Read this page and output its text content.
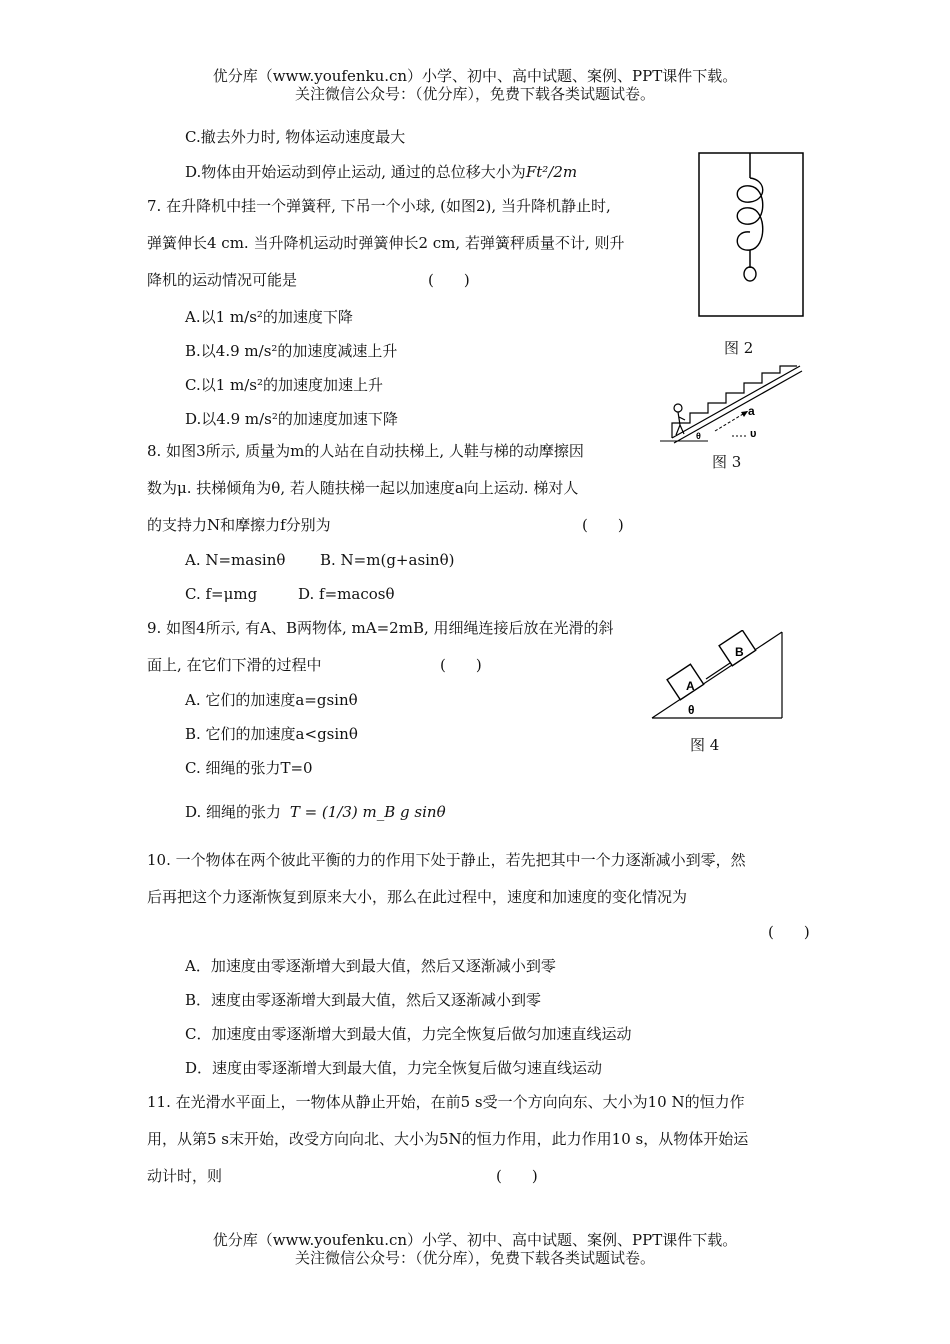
优分库（www.youfenku.cn）小学、初中、高中试题、案例、PPT课件下载。
关注微信公众号：（优分库），免费下载各类试题试卷。
C.撤去外力时, 物体运动速度最大
D.物体由开始运动到停止运动, 通过的总位移大小为Ft²/2m
7. 在升降机中挂一个弹簧秤, 下吊一个小球, (如图2), 当升降机静止时,
弹簧伸长4 cm. 当升降机运动时弹簧伸长2 cm, 若弹簧秤质量不计, 则升
降机的运动情况可能是	(　　)
A.以1 m/s²的加速度下降
B.以4.9 m/s²的加速度减速上升
C.以1 m/s²的加速度加速上升
D.以4.9 m/s²的加速度加速下降
图 2
a
υ
θ
图 3
8. 如图3所示, 质量为m的人站在自动扶梯上, 人鞋与梯的动摩擦因
数为μ. 扶梯倾角为θ, 若人随扶梯一起以加速度a向上运动. 梯对人
的支持力N和摩擦力f分别为	(　　)
A. N=masinθ B. N=m(g+asinθ)
C. f=μmg	D. f=macosθ
9. 如图4所示, 有A、B两物体, mA=2mB, 用细绳连接后放在光滑的斜
面上, 在它们下滑的过程中	(　　)
A. 它们的加速度a=gsinθ
B. 它们的加速度a<gsinθ
C. 细绳的张力T=0
D. 细绳的张力 T = (1/3) m_B g sinθ
A
B
θ
图 4
10. 一个物体在两个彼此平衡的力的作用下处于静止，若先把其中一个力逐渐减小到零，然
后再把这个力逐渐恢复到原来大小，那么在此过程中，速度和加速度的变化情况为
(　　)
A．加速度由零逐渐增大到最大值，然后又逐渐减小到零
B．速度由零逐渐增大到最大值，然后又逐渐减小到零
C．加速度由零逐渐增大到最大值，力完全恢复后做匀加速直线运动
D．速度由零逐渐增大到最大值，力完全恢复后做匀速直线运动
11. 在光滑水平面上，一物体从静止开始，在前5 s受一个方向向东、大小为10 N的恒力作
用，从第5 s末开始，改受方向向北、大小为5N的恒力作用，此力作用10 s，从物体开始运
动计时，则	(　　)
优分库（www.youfenku.cn）小学、初中、高中试题、案例、PPT课件下载。
关注微信公众号：（优分库），免费下载各类试题试卷。
